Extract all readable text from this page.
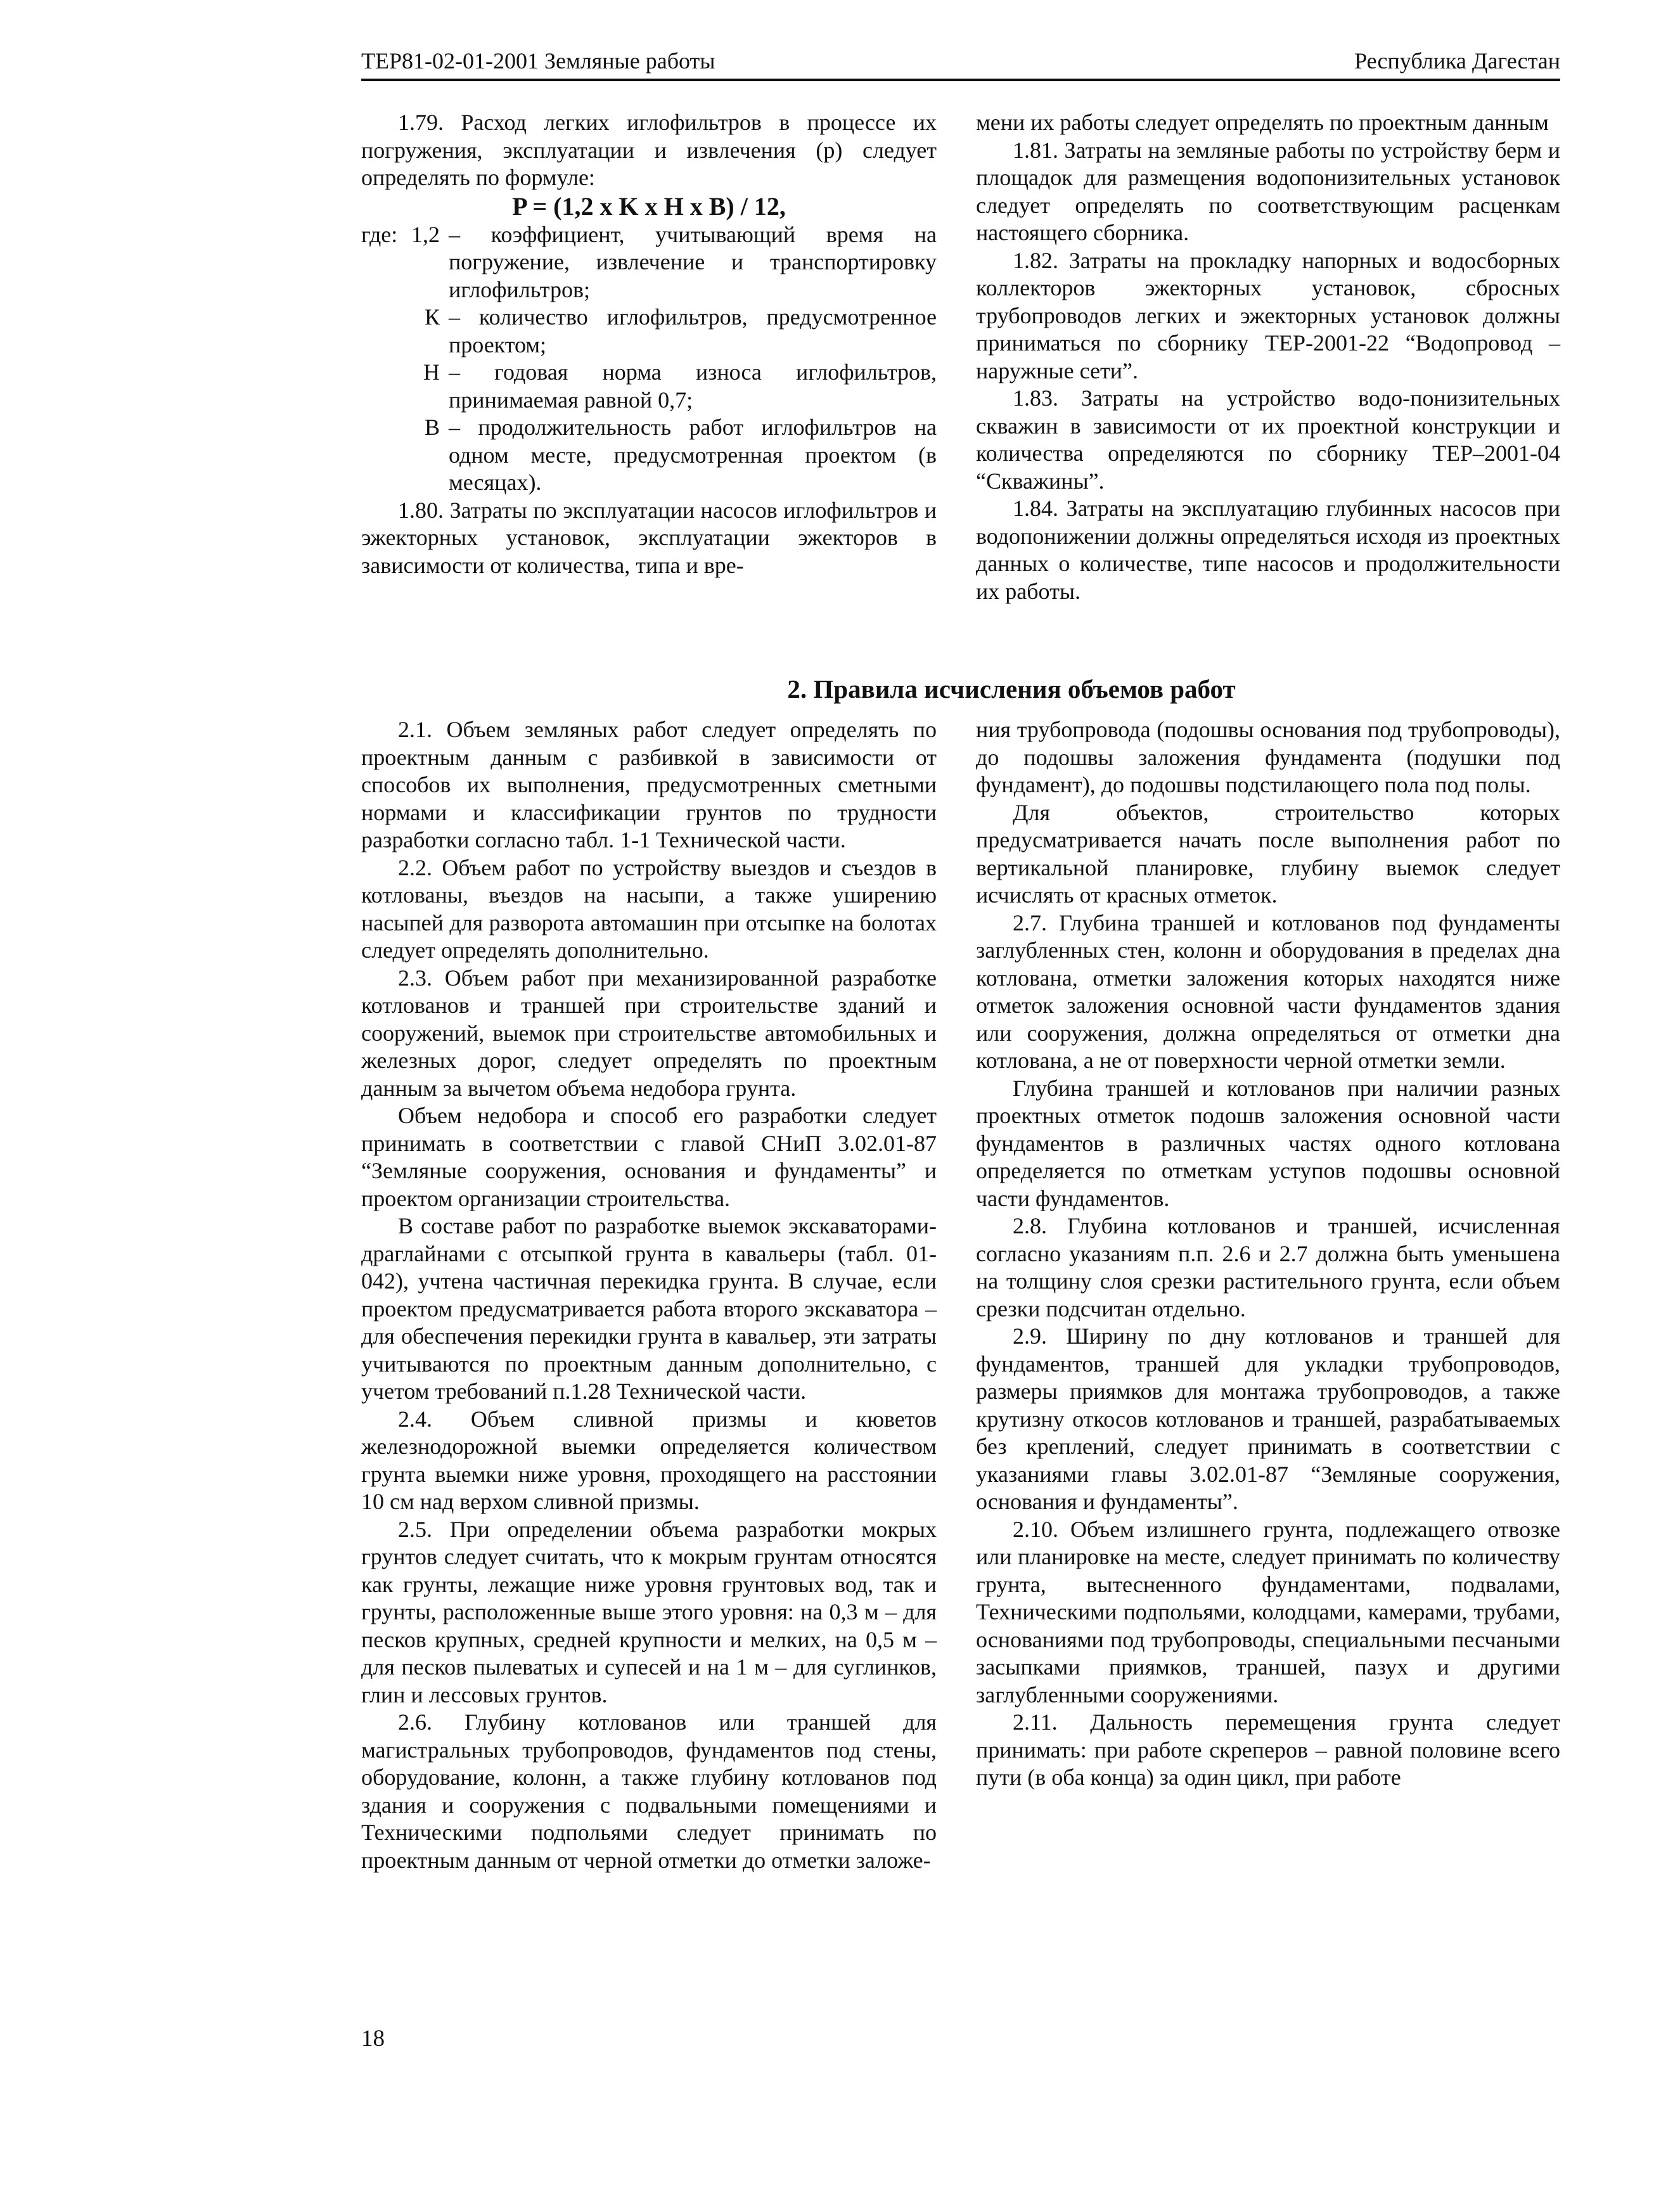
ТЕР81-02-01-2001 Земляные работы	Республика Дагестан

1.79. Расход легких иглофильтров в процессе их погружения, эксплуатации и извлечения (р) следует определять по формуле:

P = (1,2 x K x H x B) / 12,
где: 1,2 – коэффициент, учитывающий время на погружение, извлечение и транспортировку иглофильтров;
К – количество иглофильтров, предусмотренное проектом;
Н – годовая норма износа иглофильтров, принимаемая равной 0,7;
В – продолжительность работ иглофильтров на одном месте, предусмотренная проектом (в месяцах).

1.80. Затраты по эксплуатации насосов иглофильтров и эжекторных установок, эксплуатации эжекторов в зависимости от количества, типа и вре-

мени их работы следует определять по проектным данным

1.81. Затраты на земляные работы по устройству берм и площадок для размещения водопонизительных установок следует определять по соответствующим расценкам настоящего сборника.

1.82. Затраты на прокладку напорных и водосборных коллекторов эжекторных установок, сбросных трубопроводов легких и эжекторных установок должны приниматься по сборнику ТЕР-2001-22 “Водопровод – наружные сети”.

1.83. Затраты на устройство водо-понизительных скважин в зависимости от их проектной конструкции и количества определяются по сборнику ТЕР–2001-04 “Скважины”.

1.84. Затраты на эксплуатацию глубинных насосов при водопонижении должны определяться исходя из проектных данных о количестве, типе насосов и продолжительности их работы.

2. Правила исчисления объемов работ

2.1. Объем земляных работ следует определять по проектным данным с разбивкой в зависимости от способов их выполнения, предусмотренных сметными нормами и классификации грунтов по трудности разработки согласно табл. 1-1 Технической части.

2.2. Объем работ по устройству выездов и съездов в котлованы, въездов на насыпи, а также уширению насыпей для разворота автомашин при отсыпке на болотах следует определять дополнительно.

2.3. Объем работ при механизированной разработке котлованов и траншей при строительстве зданий и сооружений, выемок при строительстве автомобильных и железных дорог, следует определять по проектным данным за вычетом объема недобора грунта.

Объем недобора и способ его разработки следует принимать в соответствии с главой СНиП 3.02.01-87 “Земляные сооружения, основания и фундаменты” и проектом организации строительства.

В составе работ по разработке выемок экскаваторами-драглайнами с отсыпкой грунта в кавальеры (табл. 01-042), учтена частичная перекидка грунта. В случае, если проектом предусматривается работа второго экскаватора – для обеспечения перекидки грунта в кавальер, эти затраты учитываются по проектным данным дополнительно, с учетом требований п.1.28 Технической части.

2.4. Объем сливной призмы и кюветов железнодорожной выемки определяется количеством грунта выемки ниже уровня, проходящего на расстоянии 10 см над верхом сливной призмы.

2.5. При определении объема разработки мокрых грунтов следует считать, что к мокрым грунтам относятся как грунты, лежащие ниже уровня грунтовых вод, так и грунты, расположенные выше этого уровня: на 0,3 м – для песков крупных, средней крупности и мелких, на 0,5 м – для песков пылеватых и супесей и на 1 м – для суглинков, глин и лессовых грунтов.

2.6. Глубину котлованов или траншей для магистральных трубопроводов, фундаментов под стены, оборудование, колонн, а также глубину котлованов под здания и сооружения с подвальными помещениями и Техническими подпольями следует принимать по проектным данным от черной отметки до отметки заложе-

ния трубопровода (подошвы основания под трубопроводы), до подошвы заложения фундамента (подушки под фундамент), до подошвы подстилающего пола под полы.

Для объектов, строительство которых предусматривается начать после выполнения работ по вертикальной планировке, глубину выемок следует исчислять от красных отметок.

2.7. Глубина траншей и котлованов под фундаменты заглубленных стен, колонн и оборудования в пределах дна котлована, отметки заложения которых находятся ниже отметок заложения основной части фундаментов здания или сооружения, должна определяться от отметки дна котлована, а не от поверхности черной отметки земли.

Глубина траншей и котлованов при наличии разных проектных отметок подошв заложения основной части фундаментов в различных частях одного котлована определяется по отметкам уступов подошвы основной части фундаментов.

2.8. Глубина котлованов и траншей, исчисленная согласно указаниям п.п. 2.6 и 2.7 должна быть уменьшена на толщину слоя срезки растительного грунта, если объем срезки подсчитан отдельно.

2.9. Ширину по дну котлованов и траншей для фундаментов, траншей для укладки трубопроводов, размеры приямков для монтажа трубопроводов, а также крутизну откосов котлованов и траншей, разрабатываемых без креплений, следует принимать в соответствии с указаниями главы 3.02.01-87 “Земляные сооружения, основания и фундаменты”.

2.10. Объем излишнего грунта, подлежащего отвозке или планировке на месте, следует принимать по количеству грунта, вытесненного фундаментами, подвалами, Техническими подпольями, колодцами, камерами, трубами, основаниями под трубопроводы, специальными песчаными засыпками приямков, траншей, пазух и другими заглубленными сооружениями.

2.11. Дальность перемещения грунта следует принимать: при работе скреперов – равной половине всего пути (в оба конца) за один цикл, при работе

18
